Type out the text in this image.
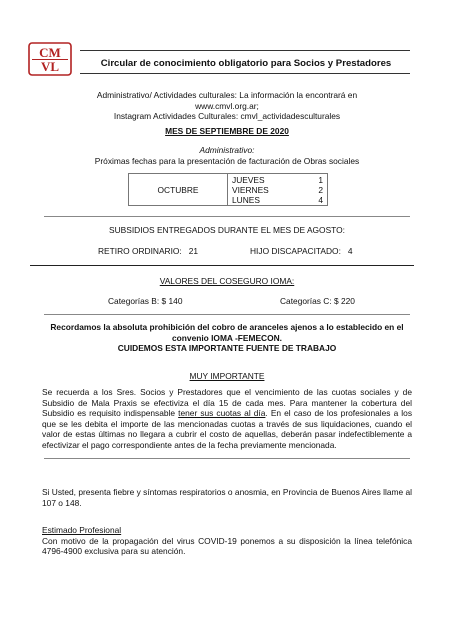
CM
VL	Circular de conocimiento obligatorio para Socios y Prestadores
Administrativo/ Actividades culturales: La información la encontrará en
www.cmvl.org.ar;
Instagram Actividades Culturales: cmvl_actividadesculturales
MES DE SEPTIEMBRE DE 2020
Administrativo:
Próximas fechas para la presentación de facturación de Obras sociales
OCTUBRE	
JUEVES	1
VIERNES	2
LUNES	4
SUBSIDIOS ENTREGADOS DURANTE EL MES DE AGOSTO:
RETIRO ORDINARIO: 21	HIJO DISCAPACITADO: 4
VALORES DEL COSEGURO IOMA:
Categorías B: $ 140	Categorías C: $ 220
Recordamos la absoluta prohibición del cobro de aranceles ajenos a lo establecido en el
convenio IOMA -FEMECON.
CUIDEMOS ESTA IMPORTANTE FUENTE DE TRABAJO
MUY IMPORTANTE
Se recuerda a los Sres. Socios y Prestadores que el vencimiento de las cuotas sociales y de Subsidio de Mala Praxis se efectiviza el día 15 de cada mes. Para mantener la cobertura del Subsidio es requisito indispensable tener sus cuotas al día. En el caso de los profesionales a los que se les debita el importe de las mencionadas cuotas a través de sus liquidaciones, cuando el valor de estas últimas no llegara a cubrir el costo de aquellas, deberán pasar indefectiblemente a efectivizar el pago correspondiente antes de la fecha previamente mencionada.
Si Usted, presenta fiebre y síntomas respiratorios o anosmia, en Provincia de Buenos Aires llame al 107 o 148.
Estimado Profesional
Con motivo de la propagación del virus COVID-19 ponemos a su disposición la línea telefónica 4796-4900 exclusiva para su atención.
